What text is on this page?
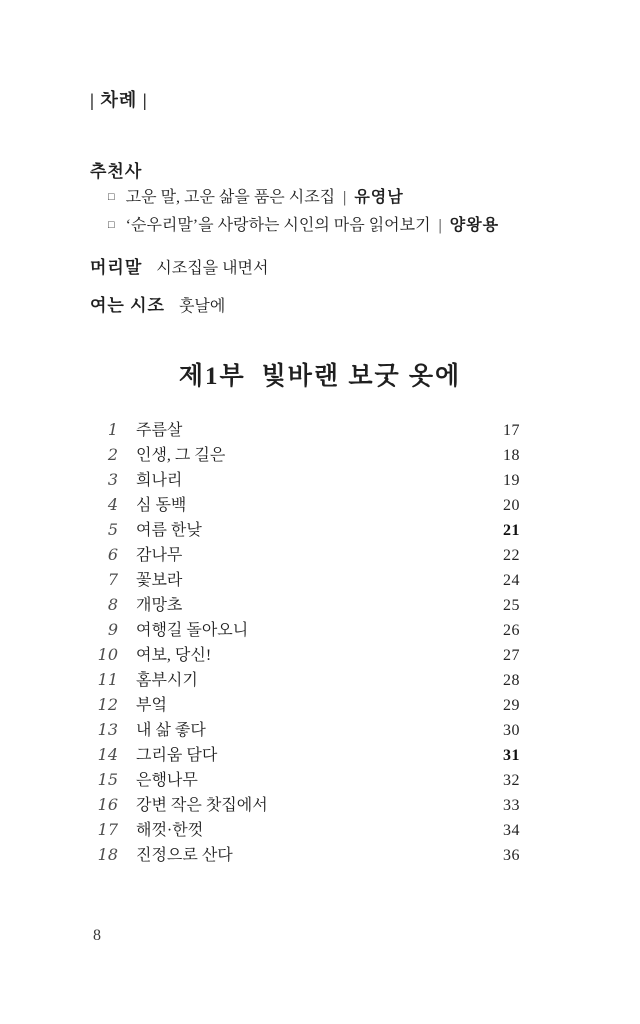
| 차례 |
추천사
□ 고운 말, 고운 삶을 품은 시조집 | 유영남
□ ‘순우리말’을 사랑하는 시인의 마음 읽어보기 | 양왕용
머리말 시조집을 내면서
여는 시조 훗날에
제1부 빛바랜 보굿 옷에
1 주름살	17
2 인생, 그 길은	18
3 희나리	19
4 심 동백	20
5 여름 한낮	21
6 감나무	22
7 꽃보라	24
8 개망초	25
9 여행길 돌아오니	26
10 여보, 당신!	27
11 홈부시기	28
12 부엌	29
13 내 삶 좋다	30
14 그리움 담다	31
15 은행나무	32
16 강변 작은 찻집에서	33
17 해껏·한껏	34
18 진정으로 산다	36
8
